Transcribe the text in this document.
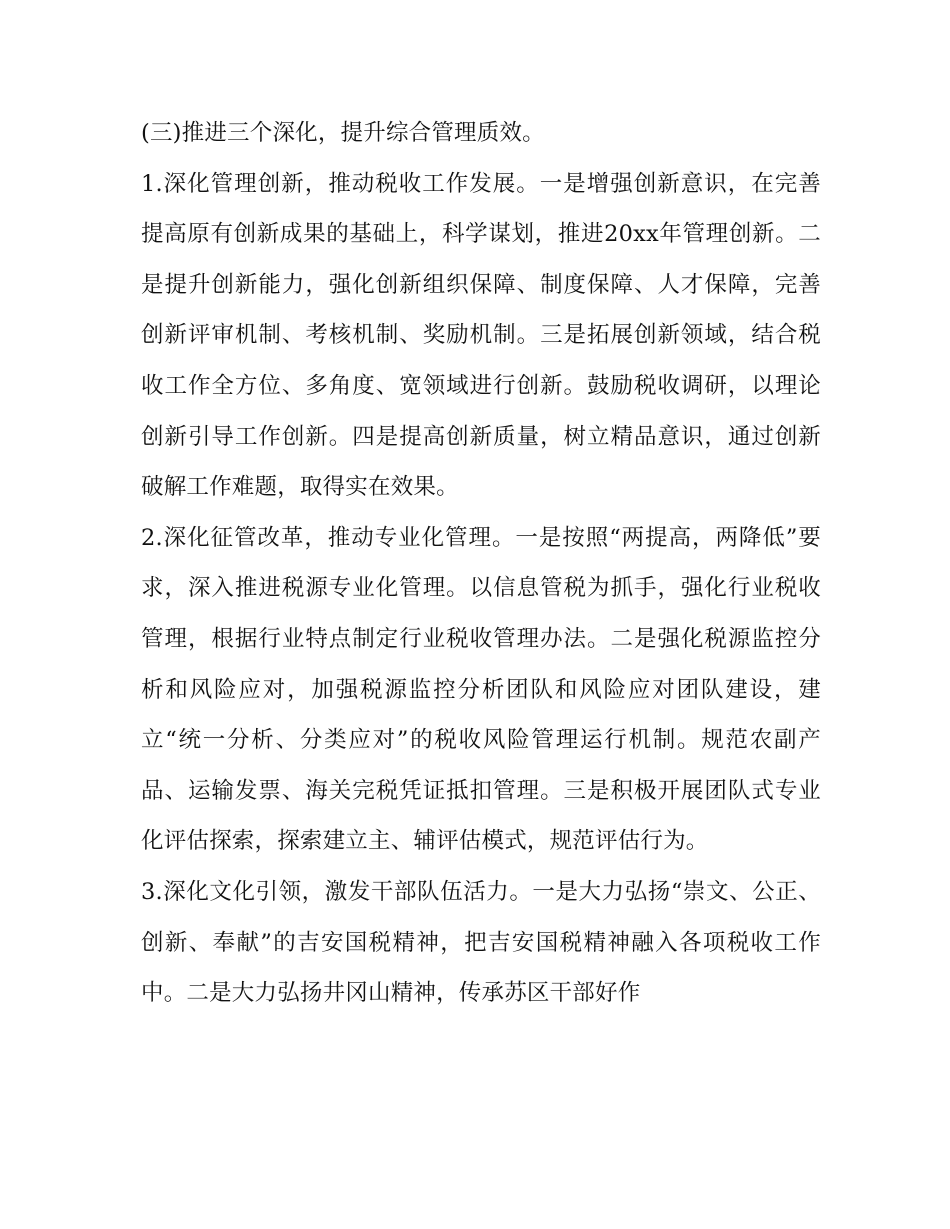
(三)推进三个深化，提升综合管理质效。

1.深化管理创新，推动税收工作发展。一是增强创新意识，在完善提高原有创新成果的基础上，科学谋划，推进20xx年管理创新。二是提升创新能力，强化创新组织保障、制度保障、人才保障，完善创新评审机制、考核机制、奖励机制。三是拓展创新领域，结合税收工作全方位、多角度、宽领域进行创新。鼓励税收调研，以理论创新引导工作创新。四是提高创新质量，树立精品意识，通过创新破解工作难题，取得实在效果。

2.深化征管改革，推动专业化管理。一是按照“两提高，两降低”要求，深入推进税源专业化管理。以信息管税为抓手，强化行业税收管理，根据行业特点制定行业税收管理办法。二是强化税源监控分析和风险应对，加强税源监控分析团队和风险应对团队建设，建立“统一分析、分类应对”的税收风险管理运行机制。规范农副产品、运输发票、海关完税凭证抵扣管理。三是积极开展团队式专业化评估探索，探索建立主、辅评估模式，规范评估行为。

3.深化文化引领，激发干部队伍活力。一是大力弘扬“崇文、公正、创新、奉献”的吉安国税精神，把吉安国税精神融入各项税收工作中。二是大力弘扬井冈山精神，传承苏区干部好作
